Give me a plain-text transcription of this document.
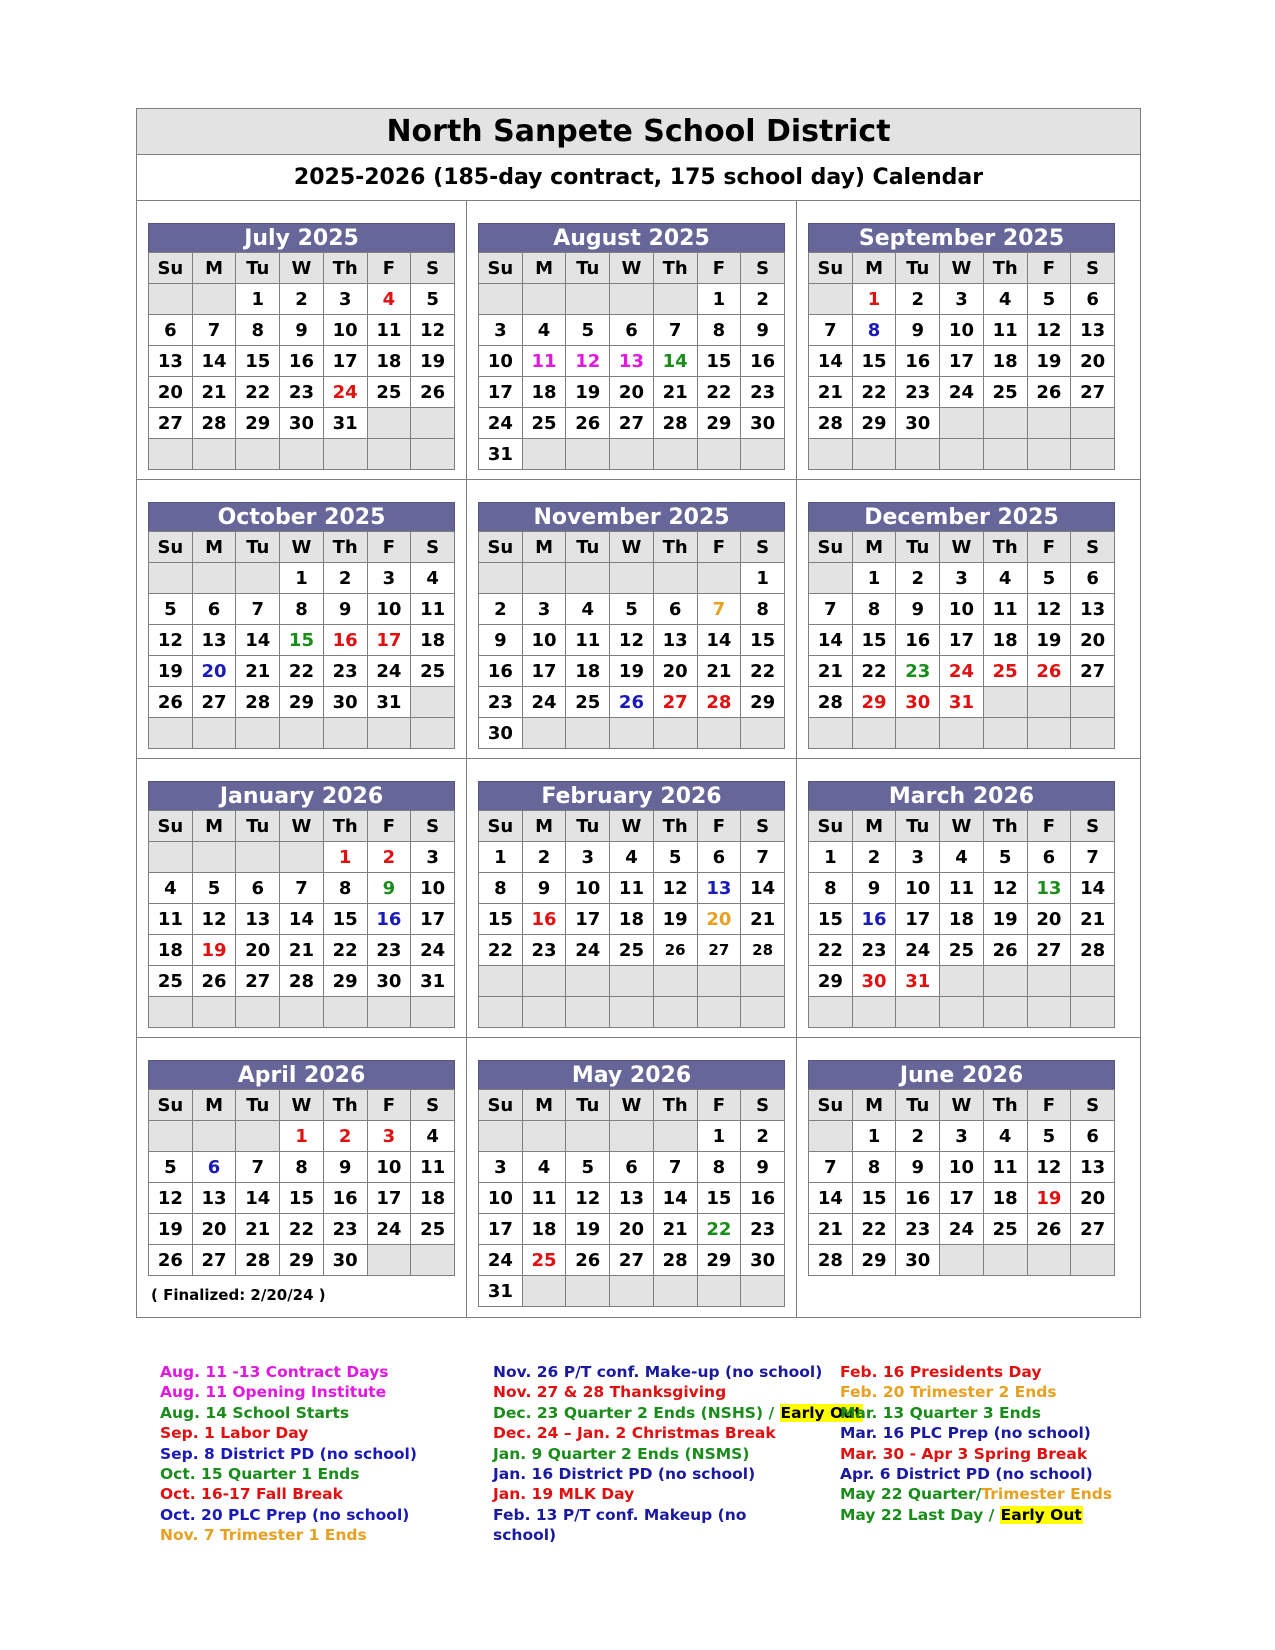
North Sanpete School District
2025-2026 (185-day contract, 175 school day) Calendar
July 2025
Su	M	Tu	W	Th	F	S
		1	2	3	4	5
6	7	8	9	10	11	12
13	14	15	16	17	18	19
20	21	22	23	24	25	26
27	28	29	30	31		

August 2025
Su	M	Tu	W	Th	F	S
					1	2
3	4	5	6	7	8	9
10	11	12	13	14	15	16
17	18	19	20	21	22	23
24	25	26	27	28	29	30
31						
September 2025
Su	M	Tu	W	Th	F	S
	1	2	3	4	5	6
7	8	9	10	11	12	13
14	15	16	17	18	19	20
21	22	23	24	25	26	27
28	29	30				

October 2025
Su	M	Tu	W	Th	F	S
			1	2	3	4
5	6	7	8	9	10	11
12	13	14	15	16	17	18
19	20	21	22	23	24	25
26	27	28	29	30	31	

November 2025
Su	M	Tu	W	Th	F	S
						1
2	3	4	5	6	7	8
9	10	11	12	13	14	15
16	17	18	19	20	21	22
23	24	25	26	27	28	29
30						
December 2025
Su	M	Tu	W	Th	F	S
	1	2	3	4	5	6
7	8	9	10	11	12	13
14	15	16	17	18	19	20
21	22	23	24	25	26	27
28	29	30	31			

January 2026
Su	M	Tu	W	Th	F	S
				1	2	3
4	5	6	7	8	9	10
11	12	13	14	15	16	17
18	19	20	21	22	23	24
25	26	27	28	29	30	31

February 2026
Su	M	Tu	W	Th	F	S
1	2	3	4	5	6	7
8	9	10	11	12	13	14
15	16	17	18	19	20	21
22	23	24	25	26	27	28

March 2026
Su	M	Tu	W	Th	F	S
1	2	3	4	5	6	7
8	9	10	11	12	13	14
15	16	17	18	19	20	21
22	23	24	25	26	27	28
29	30	31				

April 2026
Su	M	Tu	W	Th	F	S
			1	2	3	4
5	6	7	8	9	10	11
12	13	14	15	16	17	18
19	20	21	22	23	24	25
26	27	28	29	30		
( Finalized: 2/20/24 )
May 2026
Su	M	Tu	W	Th	F	S
					1	2
3	4	5	6	7	8	9
10	11	12	13	14	15	16
17	18	19	20	21	22	23
24	25	26	27	28	29	30
31						
June 2026
Su	M	Tu	W	Th	F	S
	1	2	3	4	5	6
7	8	9	10	11	12	13
14	15	16	17	18	19	20
21	22	23	24	25	26	27
28	29	30				
Aug. 11 -13 Contract Days
Aug. 11 Opening Institute
Aug. 14 School Starts
Sep. 1 Labor Day
Sep. 8 District PD (no school)
Oct. 15 Quarter 1 Ends
Oct. 16-17 Fall Break
Oct. 20 PLC Prep (no school)
Nov. 7 Trimester 1 Ends
Nov. 26 P/T conf. Make-up (no school)
Nov. 27 & 28 Thanksgiving
Dec. 23 Quarter 2 Ends (NSHS) / Early Out
Dec. 24 – Jan. 2 Christmas Break
Jan. 9 Quarter 2 Ends (NSMS)
Jan. 16 District PD (no school)
Jan. 19 MLK Day
Feb. 13 P/T conf. Makeup (no
school)
Feb. 16 Presidents Day
Feb. 20 Trimester 2 Ends
Mar. 13 Quarter 3 Ends
Mar. 16 PLC Prep (no school)
Mar. 30 - Apr 3 Spring Break
Apr. 6 District PD (no school)
May 22 Quarter/Trimester Ends
May 22 Last Day / Early Out
